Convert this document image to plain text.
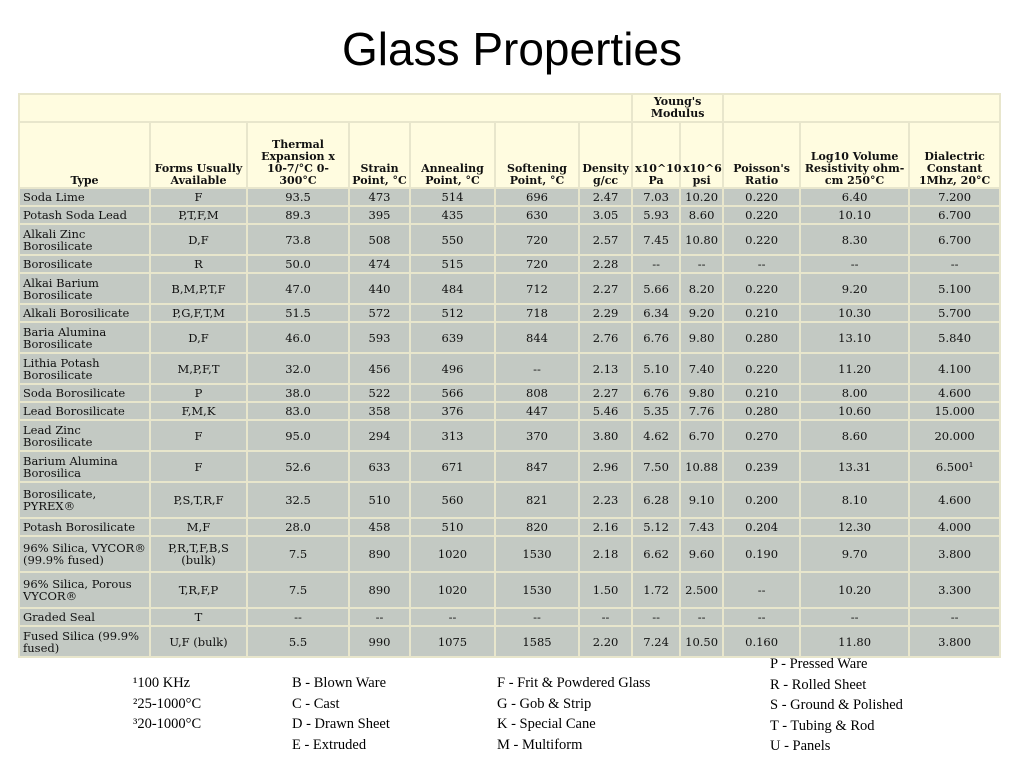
Glass Properties
							Young's Modulus				
Type	Forms Usually Available	Thermal Expansion x 10-7/°C 0-300°C	Strain Point, °C	Annealing Point, °C	Softening Point, °C	Density g/cc	x10^10 Pa	x10^6 psi	Poisson's Ratio	Log10 Volume Resistivity ohm-cm 250°C	Dialectric Constant 1Mhz, 20°C
Soda Lime	F	93.5	473	514	696	2.47	7.03	10.20	0.220	6.40	7.200
Potash Soda Lead	P,T,F,M	89.3	395	435	630	3.05	5.93	8.60	0.220	10.10	6.700
Alkali Zinc Borosilicate	D,F	73.8	508	550	720	2.57	7.45	10.80	0.220	8.30	6.700
Borosilicate	R	50.0	474	515	720	2.28	--	--	--	--	--
Alkai Barium Borosilicate	B,M,P,T,F	47.0	440	484	712	2.27	5.66	8.20	0.220	9.20	5.100
Alkali Borosilicate	P,G,F,T,M	51.5	572	512	718	2.29	6.34	9.20	0.210	10.30	5.700
Baria Alumina Borosilicate	D,F	46.0	593	639	844	2.76	6.76	9.80	0.280	13.10	5.840
Lithia Potash Borosilicate	M,P,F,T	32.0	456	496	--	2.13	5.10	7.40	0.220	11.20	4.100
Soda Borosilicate	P	38.0	522	566	808	2.27	6.76	9.80	0.210	8.00	4.600
Lead Borosilicate	F,M,K	83.0	358	376	447	5.46	5.35	7.76	0.280	10.60	15.000
Lead Zinc Borosilicate	F	95.0	294	313	370	3.80	4.62	6.70	0.270	8.60	20.000
Barium Alumina Borosilica	F	52.6	633	671	847	2.96	7.50	10.88	0.239	13.31	6.500¹
Borosilicate, PYREX®	P,S,T,R,F	32.5	510	560	821	2.23	6.28	9.10	0.200	8.10	4.600
Potash Borosilicate	M,F	28.0	458	510	820	2.16	5.12	7.43	0.204	12.30	4.000
96% Silica, VYCOR® (99.9% fused)	P,R,T,F,B,S (bulk)	7.5	890	1020	1530	2.18	6.62	9.60	0.190	9.70	3.800
96% Silica, Porous VYCOR®	T,R,F,P	7.5	890	1020	1530	1.50	1.72	2.500	--	10.20	3.300
Graded Seal	T	--	--	--	--	--	--	--	--	--	--
Fused Silica (99.9% fused)	U,F (bulk)	5.5	990	1075	1585	2.20	7.24	10.50	0.160	11.80	3.800
¹100 KHz
²25-1000°C
³20-1000°C
B - Blown Ware
C - Cast
D - Drawn Sheet
E - Extruded
F - Frit & Powdered Glass
G - Gob & Strip
K - Special Cane
M - Multiform
P - Pressed Ware
R - Rolled Sheet
S - Ground & Polished
T - Tubing & Rod
U - Panels
